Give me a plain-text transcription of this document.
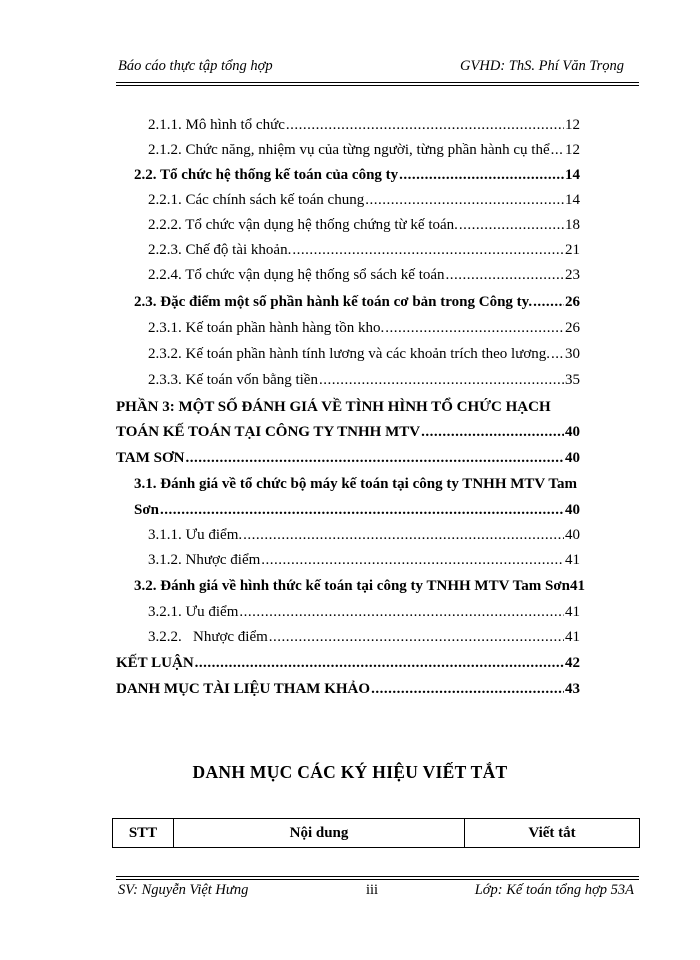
Báo cáo thực tập tổng hợp	GVHD: ThS. Phí Văn Trọng
2.1.1. Mô hình tổ chức .....	12
2.1.2. Chức năng, nhiệm vụ của từng người, từng phần hành cụ thể ..... 12
2.2. Tổ chức hệ thống kế toán của công ty .....	14
2.2.1. Các chính sách kế toán chung .....	14
2.2.2. Tổ chức vận dụng hệ thống chứng từ kế toán. .....	18
2.2.3. Chế độ tài khoản. .....	21
2.2.4. Tổ chức vận dụng hệ thống sổ sách kế toán .....	23
2.3. Đặc điểm một số phần hành kế toán cơ bản trong Công ty. ..... 26
2.3.1. Kế toán phần hành hàng tồn kho. .....	26
2.3.2. Kế toán phần hành tính lương và các khoản trích theo lương. ..... 30
2.3.3. Kế toán vốn bằng tiền .....	35
PHẦN 3: MỘT SỐ ĐÁNH GIÁ VỀ TÌNH HÌNH TỔ CHỨC HẠCH
TOÁN KẾ TOÁN TẠI CÔNG TY TNHH MTV .....	40
TAM SƠN .....	40
3.1. Đánh giá về tổ chức bộ máy kế toán tại công ty TNHH MTV Tam
Sơn .....	40
3.1.1. Ưu điểm. .....	40
3.1.2. Nhược điểm .....	41
3.2. Đánh giá về hình thức kế toán tại công ty TNHH MTV Tam Sơn 41
3.2.1. Ưu điểm .....	41
3.2.2.   Nhược điểm .....	41
KẾT LUẬN .....	42
DANH MỤC TÀI LIỆU THAM KHẢO .....	43
DANH MỤC CÁC KÝ HIỆU VIẾT TẮT
STT	Nội dung	Viết tắt
SV: Nguyễn Việt Hưng	iii	Lớp: Kế toán tổng hợp 53A
